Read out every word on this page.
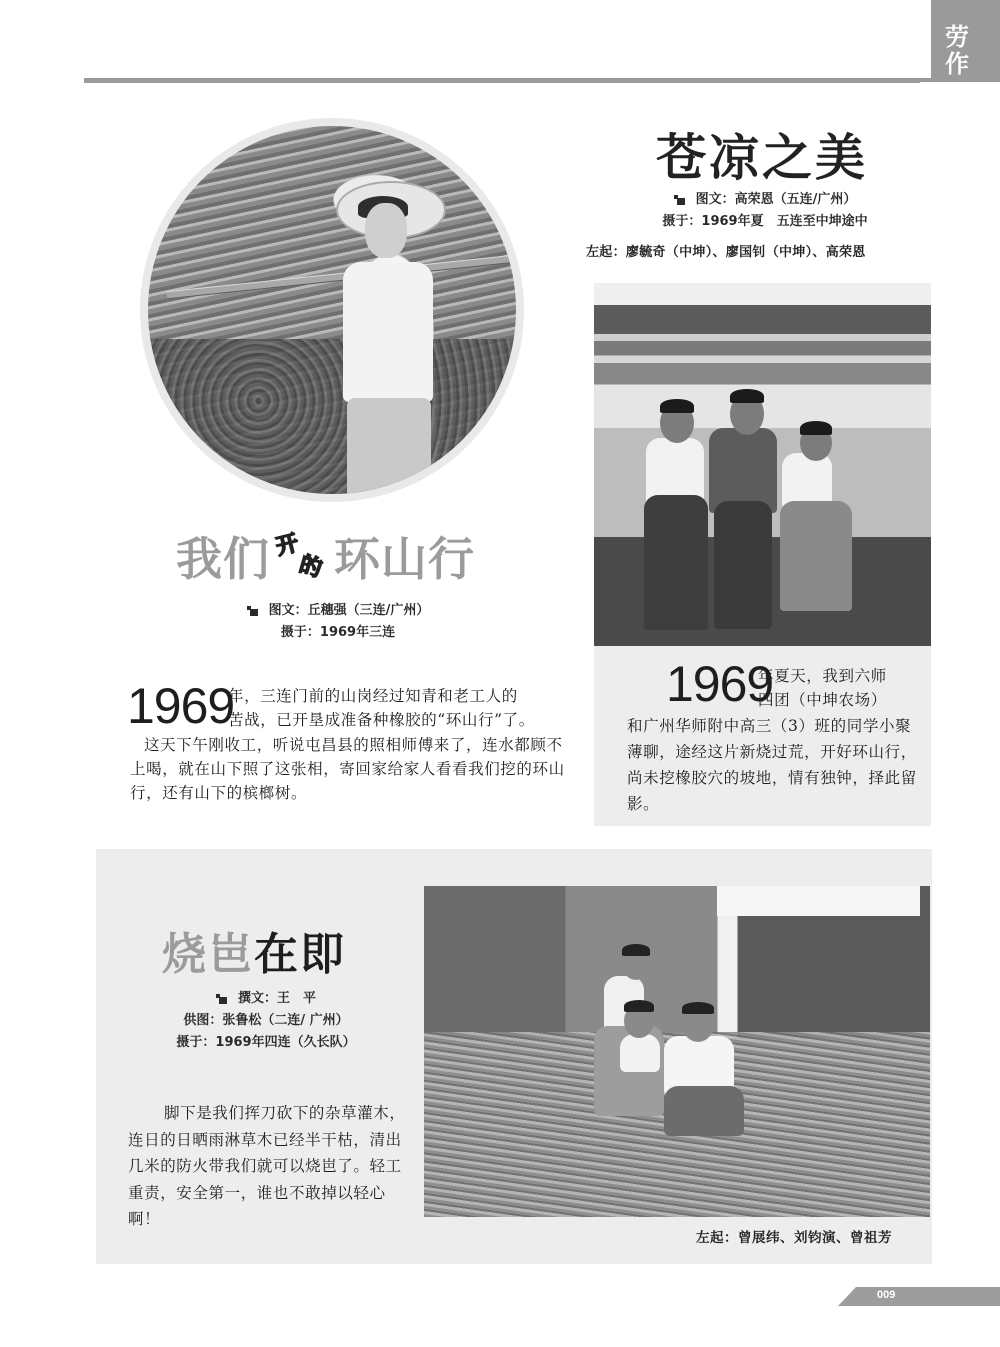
劳作
我们 开
的 环山行
图文：丘穗强（三连/广州）
摄于：1969年三连
1969
年，三连门前的山岗经过知青和老工人的
苦战，已开垦成准备种橡胶的“环山行”了。
这天下午刚收工，听说屯昌县的照相师傅来了，连水都顾不上喝，就在山下照了这张相，寄回家给家人看看我们挖的环山行，还有山下的槟榔树。
苍凉之美
图文：高荣恩（五连/广州）
摄于：1969年夏　五连至中坤途中
左起：廖毓奇（中坤）、廖国钊（中坤）、高荣恩
1969
年夏天，我到六师
四团（中坤农场）
和广州华师附中高三（3）班的同学小聚薄聊，途经这片新烧过荒，开好环山行，尚未挖橡胶穴的坡地，情有独钟，择此留影。
烧岜在即
撰文：王　平
供图：张鲁松（二连/ 广州）
摄于：1969年四连（久长队）
脚下是我们挥刀砍下的杂草灌木，连日的日晒雨淋草木已经半干枯，清出几米的防火带我们就可以烧岜了。轻工重责，安全第一，谁也不敢掉以轻心啊！
左起：曾展纬、刘钧演、曾祖芳
009
